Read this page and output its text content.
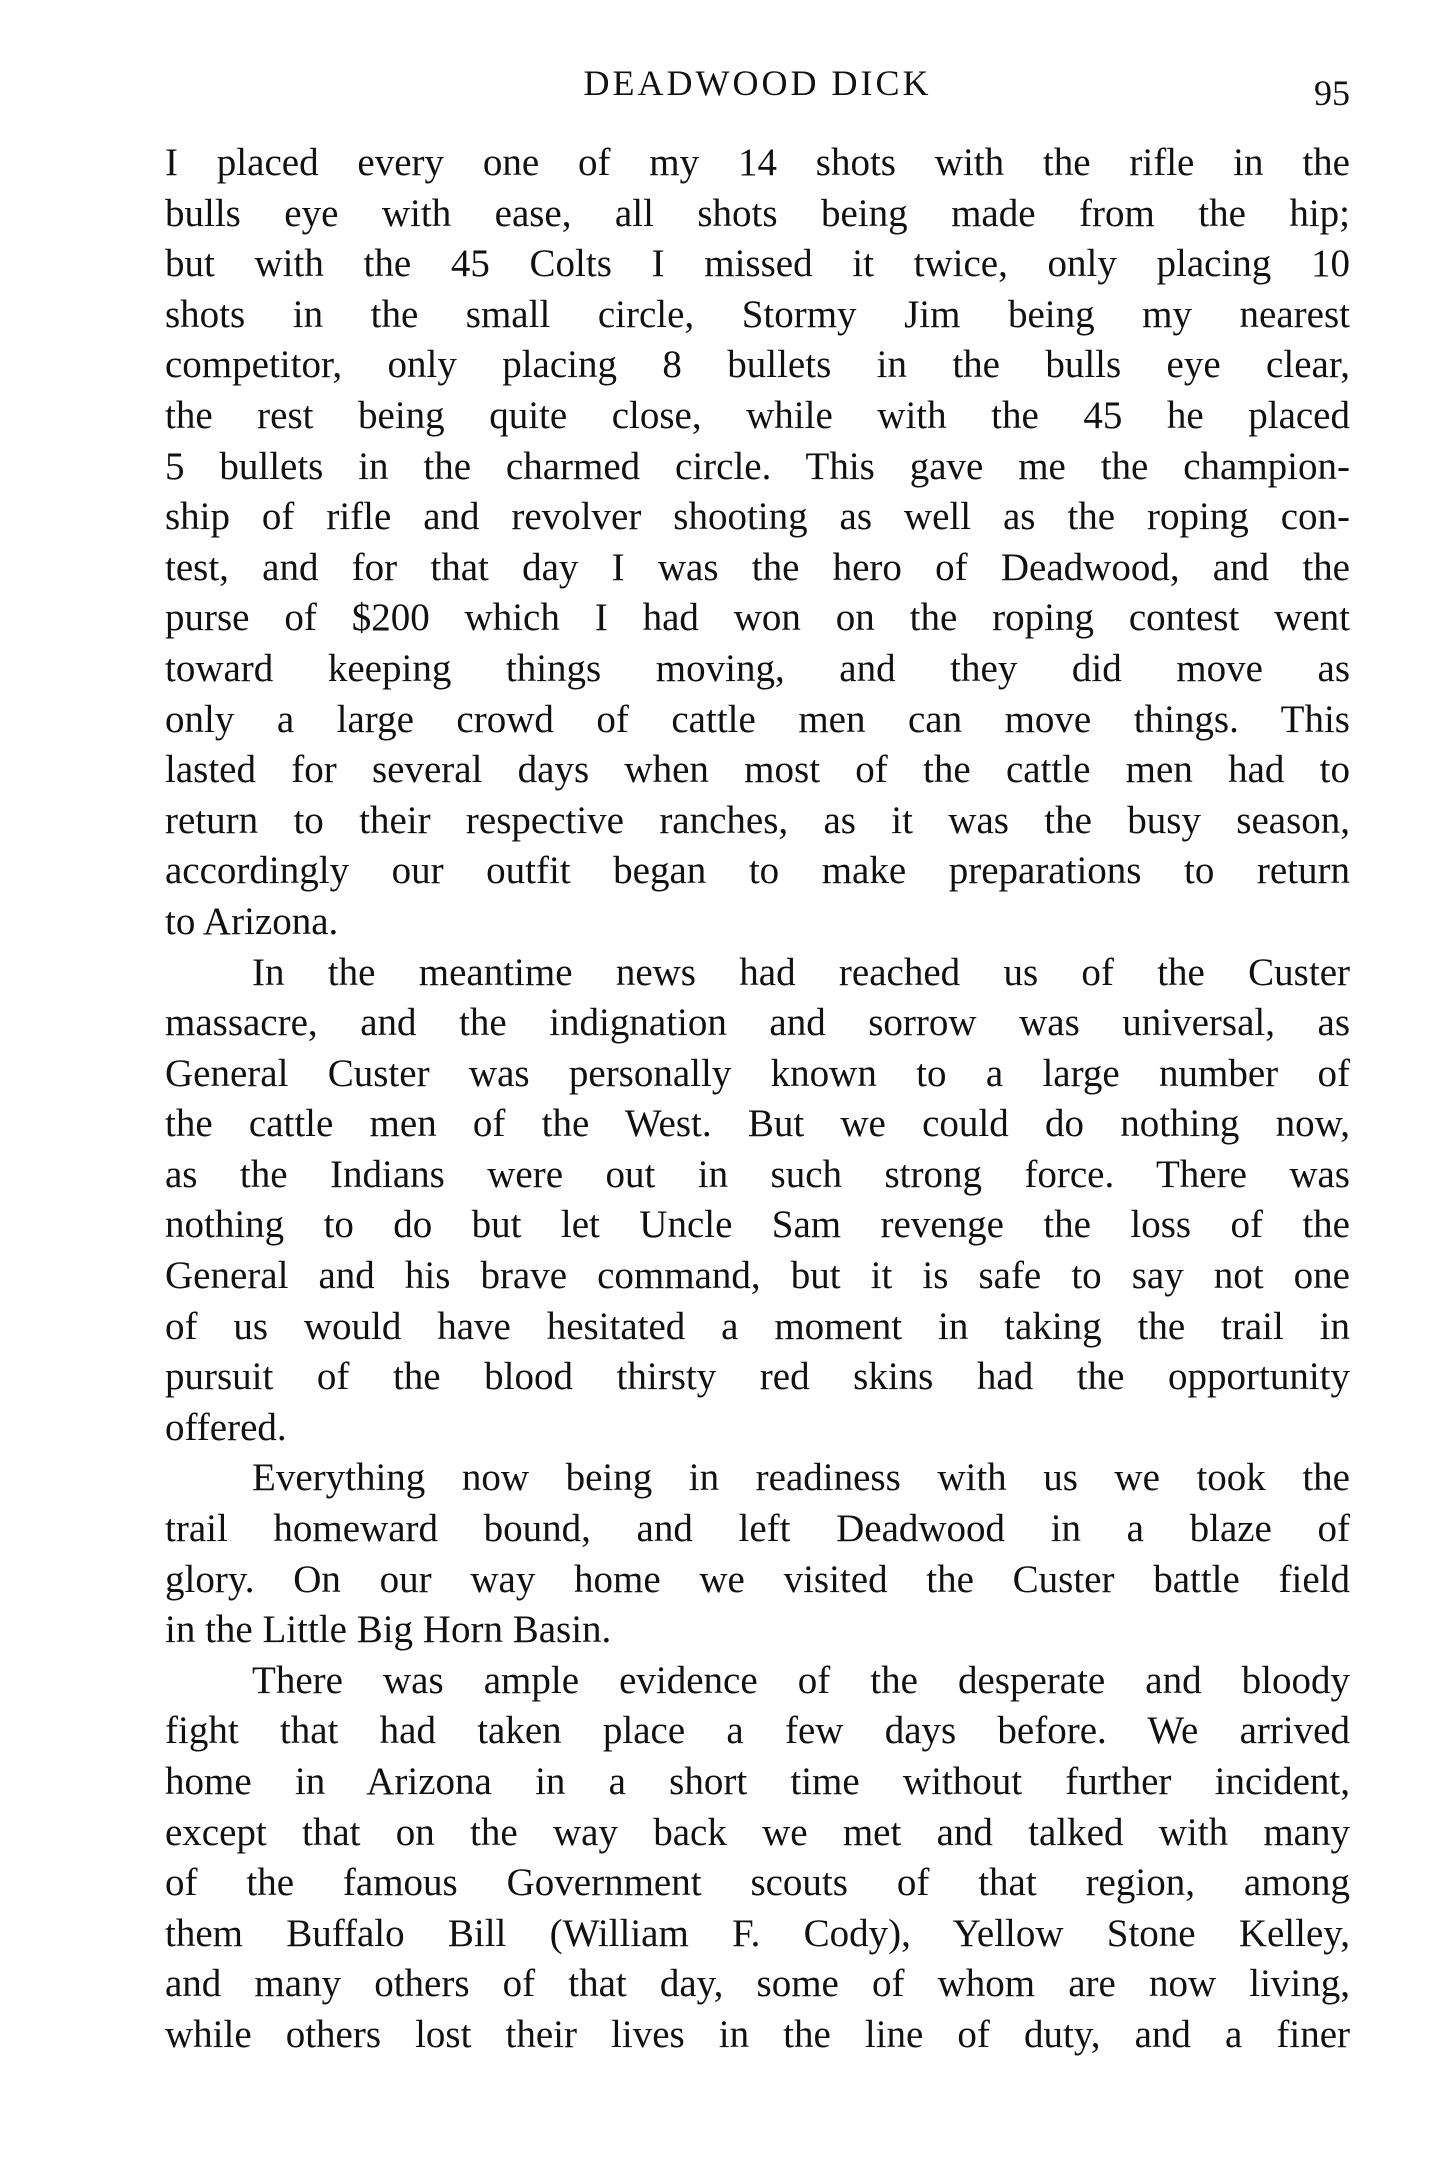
DEADWOOD DICK	95
I placed every one of my 14 shots with the rifle in the
bulls eye with ease, all shots being made from the hip;
but with the 45 Colts I missed it twice, only placing 10
shots in the small circle, Stormy Jim being my nearest
competitor, only placing 8 bullets in the bulls eye clear,
the rest being quite close, while with the 45 he placed
5 bullets in the charmed circle. This gave me the champion-
ship of rifle and revolver shooting as well as the roping con-
test, and for that day I was the hero of Deadwood, and the
purse of $200 which I had won on the roping contest went
toward keeping things moving, and they did move as
only a large crowd of cattle men can move things. This
lasted for several days when most of the cattle men had to
return to their respective ranches, as it was the busy season,
accordingly our outfit began to make preparations to return
to Arizona.
In the meantime news had reached us of the Custer
massacre, and the indignation and sorrow was universal, as
General Custer was personally known to a large number of
the cattle men of the West. But we could do nothing now,
as the Indians were out in such strong force. There was
nothing to do but let Uncle Sam revenge the loss of the
General and his brave command, but it is safe to say not one
of us would have hesitated a moment in taking the trail in
pursuit of the blood thirsty red skins had the opportunity
offered.
Everything now being in readiness with us we took the
trail homeward bound, and left Deadwood in a blaze of
glory. On our way home we visited the Custer battle field
in the Little Big Horn Basin.
There was ample evidence of the desperate and bloody
fight that had taken place a few days before. We arrived
home in Arizona in a short time without further incident,
except that on the way back we met and talked with many
of the famous Government scouts of that region, among
them Buffalo Bill (William F. Cody), Yellow Stone Kelley,
and many others of that day, some of whom are now living,
while others lost their lives in the line of duty, and a finer
